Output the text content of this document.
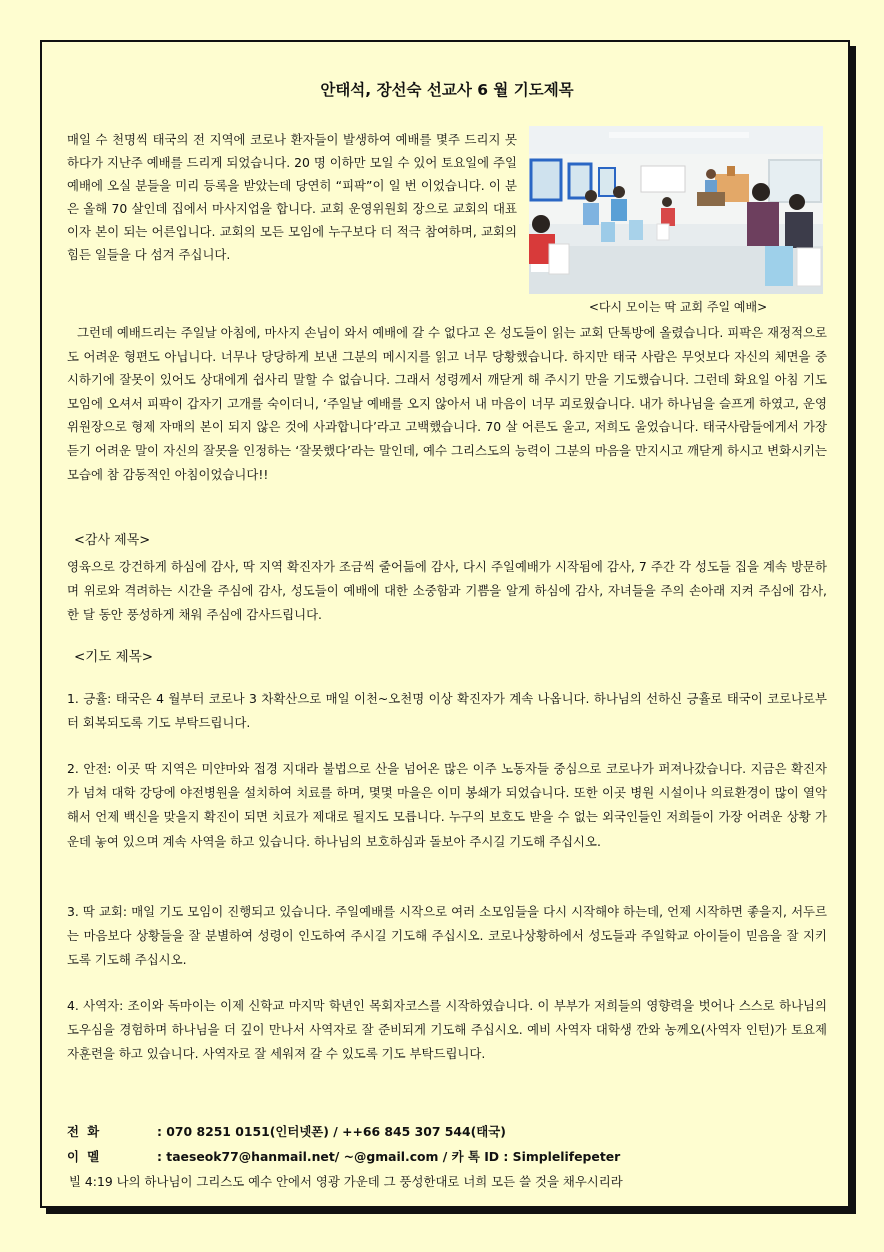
안태석, 장선숙 선교사 6 월 기도제목
매일 수 천명씩 태국의 전 지역에 코로나 환자들이 발생하여 예배를 몇주 드리지 못하다가 지난주 예배를 드리게 되었습니다. 20 명 이하만 모일 수 있어 토요일에 주일 예배에 오실 분들을 미리 등록을 받았는데 당연히 “피팍”이 일 번 이었습니다. 이 분은 올해 70 살인데 집에서 마사지업을 합니다. 교회 운영위원회 장으로 교회의 대표이자 본이 되는 어른입니다. 교회의 모든 모임에 누구보다 더 적극 참여하며, 교회의 힘든 일들을 다 섬겨 주십니다.
<다시 모이는 딱 교회 주일 예배>
그런데 예배드리는 주일날 아침에, 마사지 손님이 와서 예배에 갈 수 없다고 온 성도들이 읽는 교회 단톡방에 올렸습니다. 피팍은 재정적으로도 어려운 형편도 아닙니다. 너무나 당당하게 보낸 그분의 메시지를 읽고 너무 당황했습니다. 하지만 태국 사람은 무엇보다 자신의 체면을 중시하기에 잘못이 있어도 상대에게 쉽사리 말할 수 없습니다. 그래서 성령께서 깨닫게 해 주시기 만을 기도했습니다. 그런데 화요일 아침 기도 모임에 오셔서 피팍이 갑자기 고개를 숙이더니, ‘주일날 예배를 오지 않아서 내 마음이 너무 괴로웠습니다. 내가 하나님을 슬프게 하였고, 운영위원장으로 형제 자매의 본이 되지 않은 것에 사과합니다’라고 고백했습니다. 70 살 어른도 울고, 저희도 울었습니다. 태국사람들에게서 가장 듣기 어려운 말이 자신의 잘못을 인정하는 ‘잘못했다’라는 말인데, 예수 그리스도의 능력이 그분의 마음을 만지시고 깨닫게 하시고 변화시키는 모습에 참 감동적인 아침이었습니다!!
<감사 제목>
영육으로 강건하게 하심에 감사, 딱 지역 확진자가 조금씩 줄어듦에 감사, 다시 주일예배가 시작됨에 감사, 7 주간 각 성도들 집을 계속 방문하며 위로와 격려하는 시간을 주심에 감사, 성도들이 예배에 대한 소중함과 기쁨을 알게 하심에 감사, 자녀들을 주의 손아래 지켜 주심에 감사, 한 달 동안 풍성하게 채워 주심에 감사드립니다.
<기도 제목>
1. 긍휼: 태국은 4 월부터 코로나 3 차확산으로 매일 이천~오천명 이상 확진자가 계속 나옵니다. 하나님의 선하신 긍휼로 태국이 코로나로부터 회복되도록 기도 부탁드립니다.
2. 안전: 이곳 딱 지역은 미얀마와 접경 지대라 불법으로 산을 넘어온 많은 이주 노동자들 중심으로 코로나가 퍼져나갔습니다. 지금은 확진자가 넘쳐 대학 강당에 야전병원을 설치하여 치료를 하며, 몇몇 마을은 이미 봉쇄가 되었습니다. 또한 이곳 병원 시설이나 의료환경이 많이 열악해서 언제 백신을 맞을지 확진이 되면 치료가 제대로 될지도 모릅니다. 누구의 보호도 받을 수 없는 외국인들인 저희들이 가장 어려운 상황 가운데 놓여 있으며 계속 사역을 하고 있습니다. 하나님의 보호하심과 돌보아 주시길 기도해 주십시오.
3. 딱 교회: 매일 기도 모임이 진행되고 있습니다. 주일예배를 시작으로 여러 소모임들을 다시 시작해야 하는데, 언제 시작하면 좋을지, 서두르는 마음보다 상황들을 잘 분별하여 성령이 인도하여 주시길 기도해 주십시오. 코로나상황하에서 성도들과 주일학교 아이들이 믿음을 잘 지키도록 기도해 주십시오.
4. 사역자: 조이와 독마이는 이제 신학교 마지막 학년인 목회자코스를 시작하였습니다. 이 부부가 저희들의 영향력을 벗어나 스스로 하나님의 도우심을 경험하며 하나님을 더 깊이 만나서 사역자로 잘 준비되게 기도해 주십시오. 예비 사역자 대학생 깐와 농께오(사역자 인턴)가 토요제자훈련을 하고 있습니다. 사역자로 잘 세워져 갈 수 있도록 기도 부탁드립니다.
전 화	: 070 8251 0151(인터넷폰) / ++66 845 307 544(태국)
이 멜	: taeseok77@hanmail.net/ ~@gmail.com / 카 톡 ID : Simplelifepeter
빌 4:19 나의 하나님이 그리스도 예수 안에서 영광 가운데 그 풍성한대로 너희 모든 쓸 것을 채우시리라
